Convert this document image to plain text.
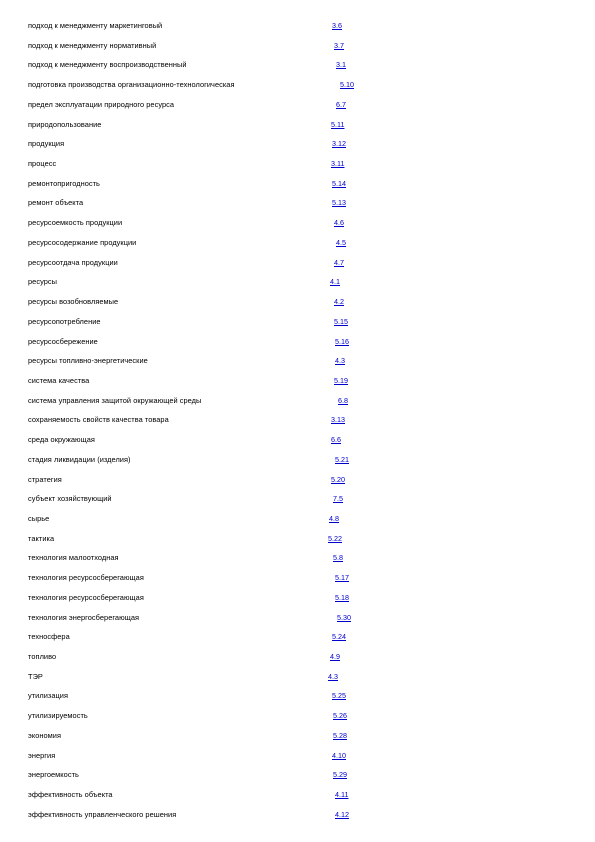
подход к менеджменту маркетинговый	3.6
подход к менеджменту нормативный	3.7
подход к менеджменту воспроизводственный	3.1
подготовка производства организационно-технологическая	5.10
предел эксплуатации природного ресурса	6.7
природопользование	5.11
продукция	3.12
процесс	3.11
ремонтопригодность	5.14
ремонт объекта	5.13
ресурсоемкость продукции	4.6
ресурсосодержание продукции	4.5
ресурсоотдача продукции	4.7
ресурсы	4.1
ресурсы возобновляемые	4.2
ресурсопотребление	5.15
ресурсосбережение	5.16
ресурсы топливно-энергетические	4.3
система качества	5.19
система управления защитой окружающей среды	6.8
сохраняемость свойств качества товара	3.13
среда окружающая	6.6
стадия ликвидации (изделия)	5.21
стратегия	5.20
субъект хозяйствующий	7.5
сырье	4.8
тактика	5.22
технология малоотходная	5.8
технология ресурсосберегающая	5.17
технология ресурсосберегающая	5.18
технология энергосберегающая	5.30
техносфера	5.24
топливо	4.9
ТЭР	4.3
утилизация	5.25
утилизируемость	5.26
экономия	5.28
энергия	4.10
энергоемкость	5.29
эффективность объекта	4.11
эффективность управленческого решения	4.12
